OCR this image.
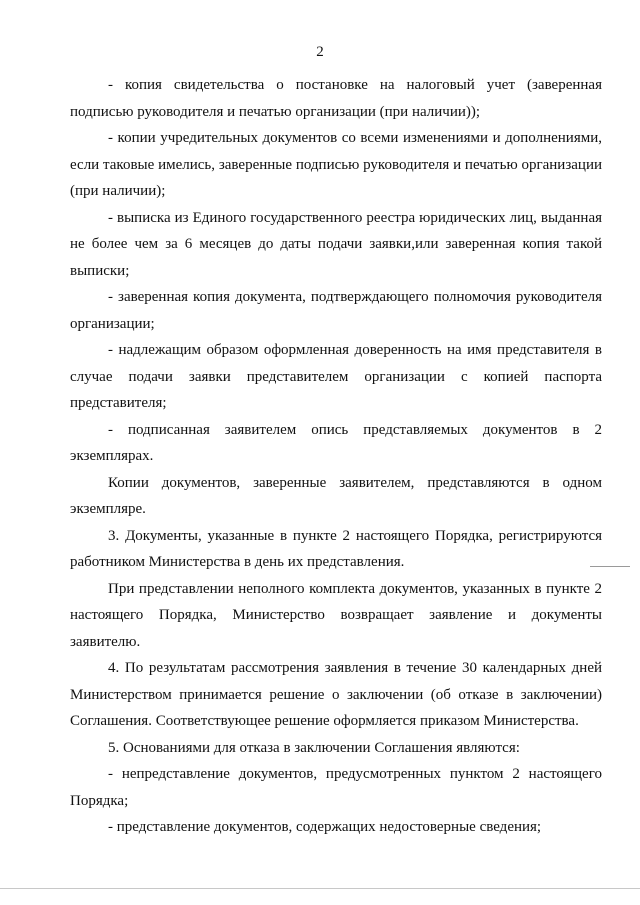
2

- копия свидетельства о постановке на налоговый учет (заверенная подписью руководителя и печатью организации (при наличии));

- копии учредительных документов со всеми изменениями и дополнениями, если таковые имелись, заверенные подписью руководителя и печатью организации (при наличии);

- выписка из Единого государственного реестра юридических лиц, выданная не более чем за 6 месяцев до даты подачи заявки,или заверенная копия такой выписки;

- заверенная копия документа, подтверждающего полномочия руководителя организации;

- надлежащим образом оформленная доверенность на имя представителя в случае подачи заявки представителем организации с копией паспорта представителя;

- подписанная заявителем опись представляемых документов в 2 экземплярах.

Копии документов, заверенные заявителем, представляются в одном экземпляре.

3. Документы, указанные в пункте 2 настоящего Порядка, регистрируются работником Министерства в день их представления.

При представлении неполного комплекта документов, указанных в пункте 2 настоящего Порядка, Министерство возвращает заявление и документы заявителю.

4. По результатам рассмотрения заявления в течение 30 календарных дней Министерством принимается решение о заключении (об отказе в заключении) Соглашения. Соответствующее решение оформляется приказом Министерства.

5. Основаниями для отказа в заключении Соглашения являются:

- непредставление документов, предусмотренных пунктом 2 настоящего Порядка;

- представление документов, содержащих недостоверные сведения;
